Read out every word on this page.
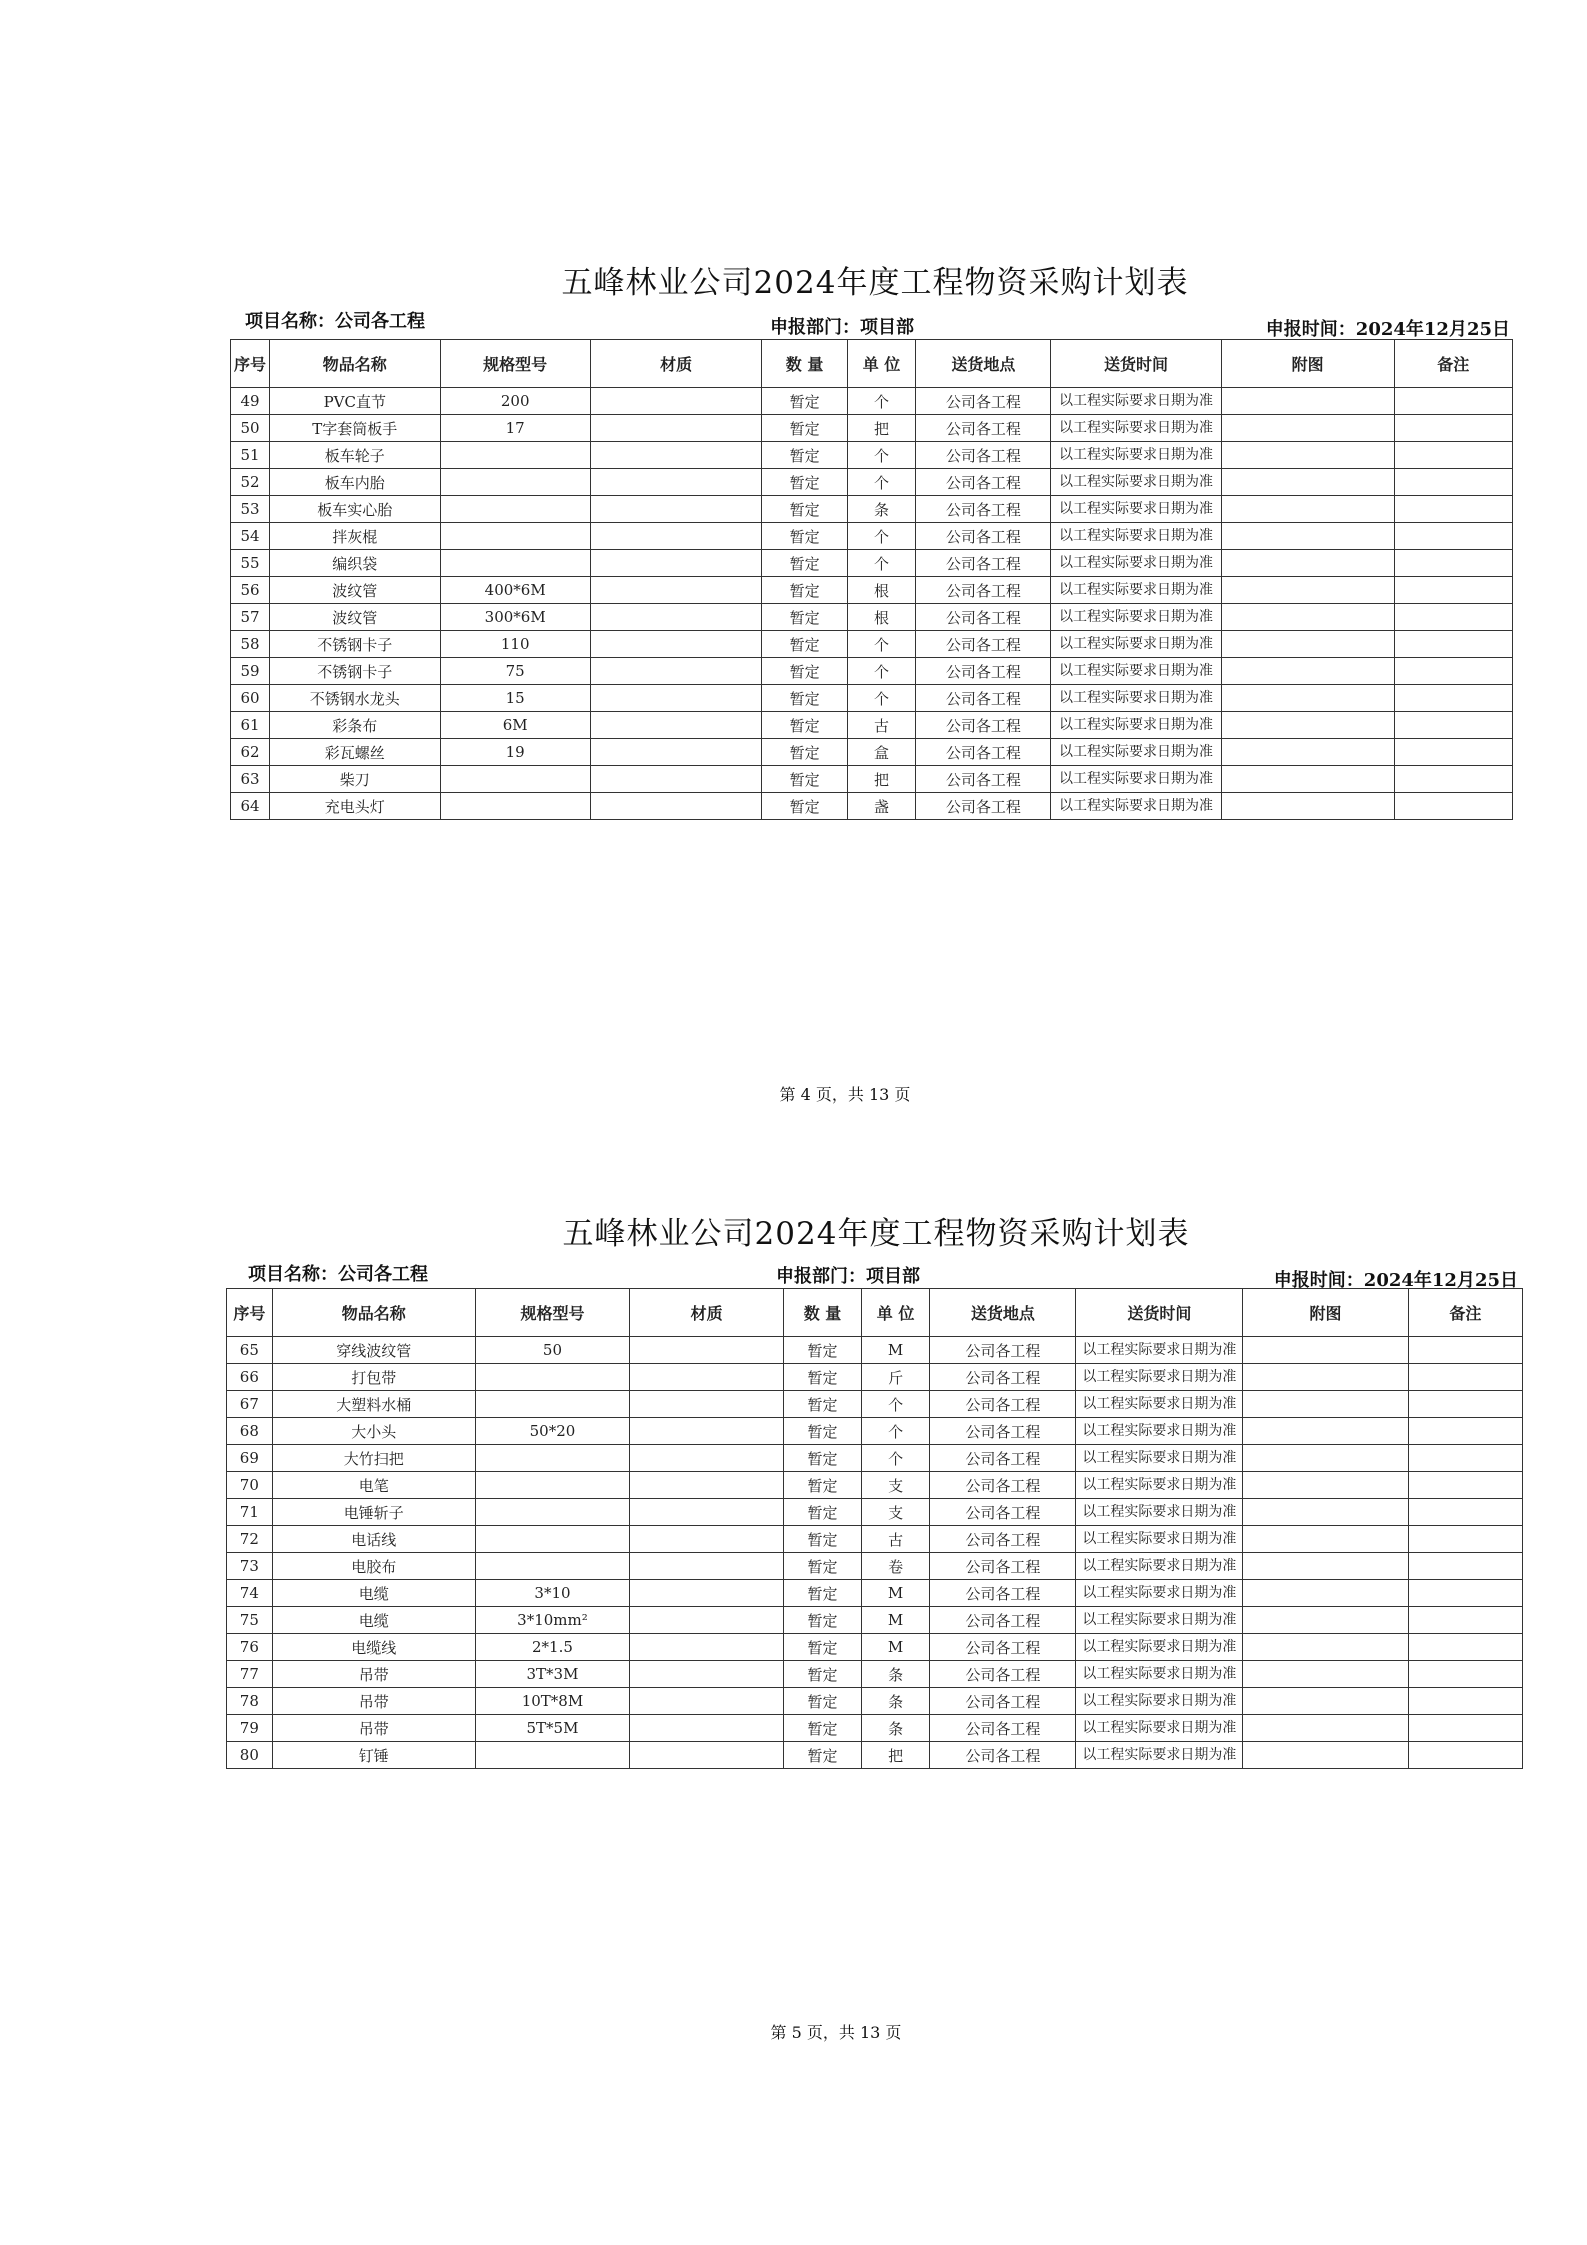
五峰林业公司2024年度工程物资采购计划表
项目名称：公司各工程	申报部门：项目部	申报时间：2024年12月25日
序号	物品名称	规格型号	材质	数 量	单 位	送货地点	送货时间	附图	备注
49	PVC直节	200		暂定	个	公司各工程	以工程实际要求日期为准		
50	T字套筒板手	17		暂定	把	公司各工程	以工程实际要求日期为准		
51	板车轮子			暂定	个	公司各工程	以工程实际要求日期为准		
52	板车内胎			暂定	个	公司各工程	以工程实际要求日期为准		
53	板车实心胎			暂定	条	公司各工程	以工程实际要求日期为准		
54	拌灰棍			暂定	个	公司各工程	以工程实际要求日期为准		
55	编织袋			暂定	个	公司各工程	以工程实际要求日期为准		
56	波纹管	400*6M		暂定	根	公司各工程	以工程实际要求日期为准		
57	波纹管	300*6M		暂定	根	公司各工程	以工程实际要求日期为准		
58	不锈钢卡子	110		暂定	个	公司各工程	以工程实际要求日期为准		
59	不锈钢卡子	75		暂定	个	公司各工程	以工程实际要求日期为准		
60	不锈钢水龙头	15		暂定	个	公司各工程	以工程实际要求日期为准		
61	彩条布	6M		暂定	古	公司各工程	以工程实际要求日期为准		
62	彩瓦螺丝	19		暂定	盒	公司各工程	以工程实际要求日期为准		
63	柴刀			暂定	把	公司各工程	以工程实际要求日期为准		
64	充电头灯			暂定	盏	公司各工程	以工程实际要求日期为准		
第 4 页，共 13 页
五峰林业公司2024年度工程物资采购计划表
项目名称：公司各工程	申报部门：项目部	申报时间：2024年12月25日
序号	物品名称	规格型号	材质	数 量	单 位	送货地点	送货时间	附图	备注
65	穿线波纹管	50		暂定	M	公司各工程	以工程实际要求日期为准		
66	打包带			暂定	斤	公司各工程	以工程实际要求日期为准		
67	大塑料水桶			暂定	个	公司各工程	以工程实际要求日期为准		
68	大小头	50*20		暂定	个	公司各工程	以工程实际要求日期为准		
69	大竹扫把			暂定	个	公司各工程	以工程实际要求日期为准		
70	电笔			暂定	支	公司各工程	以工程实际要求日期为准		
71	电锤斩子			暂定	支	公司各工程	以工程实际要求日期为准		
72	电话线			暂定	古	公司各工程	以工程实际要求日期为准		
73	电胶布			暂定	卷	公司各工程	以工程实际要求日期为准		
74	电缆	3*10		暂定	M	公司各工程	以工程实际要求日期为准		
75	电缆	3*10mm²		暂定	M	公司各工程	以工程实际要求日期为准		
76	电缆线	2*1.5		暂定	M	公司各工程	以工程实际要求日期为准		
77	吊带	3T*3M		暂定	条	公司各工程	以工程实际要求日期为准		
78	吊带	10T*8M		暂定	条	公司各工程	以工程实际要求日期为准		
79	吊带	5T*5M		暂定	条	公司各工程	以工程实际要求日期为准		
80	钉锤			暂定	把	公司各工程	以工程实际要求日期为准		
第 5 页，共 13 页
